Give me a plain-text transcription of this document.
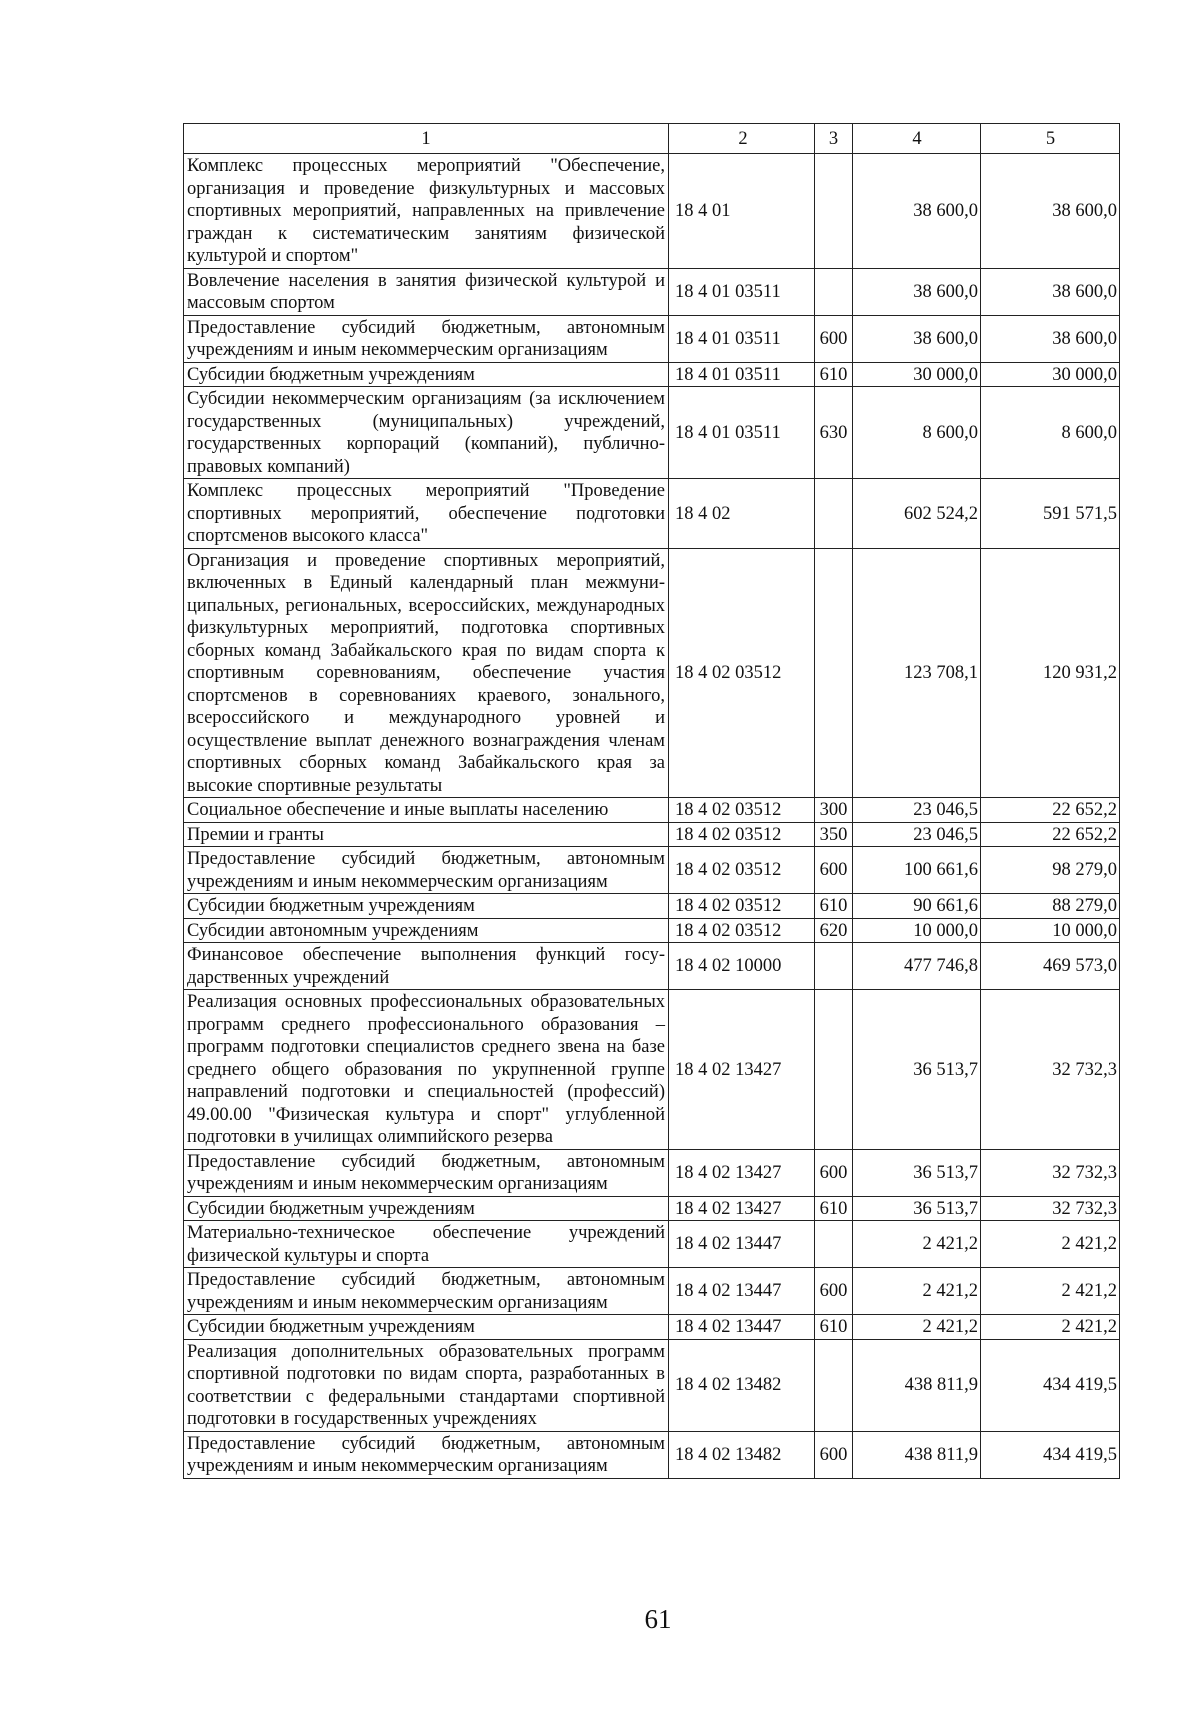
1	2	3	4	5
Комплекс процессных мероприятий "Обеспечение, организация и проведение физкультурных и массовых спортивных мероприятий, направленных на привлечение граждан к систематическим занятиям физической культурой и спортом"	18 4 01		38 600,0	38 600,0
Вовлечение населения в занятия физической культурой и массовым спортом	18 4 01 03511		38 600,0	38 600,0
Предоставление субсидий бюджетным, автономным учреждениям и иным некоммерческим организациям	18 4 01 03511	600	38 600,0	38 600,0
Субсидии бюджетным учреждениям	18 4 01 03511	610	30 000,0	30 000,0
Субсидии некоммерческим организациям (за исключением государственных (муниципальных) учреждений, государственных корпораций (компаний), публично-правовых компаний)	18 4 01 03511	630	8 600,0	8 600,0
Комплекс процессных мероприятий "Проведение спортивных мероприятий, обеспечение подготовки спортсменов высокого класса"	18 4 02		602 524,2	591 571,5
Организация и проведение спортивных мероприятий, включенных в Единый календарный план межмуниципальных, региональных, всероссийских, международных физкультурных мероприятий, подготовка спортивных сборных команд Забайкальского края по видам спорта к спортивным соревнованиям, обеспечение участия спортсменов в соревнованиях краевого, зонального, всероссийского и международного уровней и осуществление выплат денежного вознаграждения членам спортивных сборных команд Забайкальского края за высокие спортивные результаты	18 4 02 03512		123 708,1	120 931,2
Социальное обеспечение и иные выплаты населению	18 4 02 03512	300	23 046,5	22 652,2
Премии и гранты	18 4 02 03512	350	23 046,5	22 652,2
Предоставление субсидий бюджетным, автономным учреждениям и иным некоммерческим организациям	18 4 02 03512	600	100 661,6	98 279,0
Субсидии бюджетным учреждениям	18 4 02 03512	610	90 661,6	88 279,0
Субсидии автономным учреждениям	18 4 02 03512	620	10 000,0	10 000,0
Финансовое обеспечение выполнения функций государственных учреждений	18 4 02 10000		477 746,8	469 573,0
Реализация основных профессиональных образовательных программ среднего профессионального образования – программ подготовки специалистов среднего звена на базе среднего общего образования по укрупненной группе направлений подготовки и специальностей (профессий) 49.00.00 "Физическая культура и спорт" углубленной подготовки в училищах олимпийского резерва	18 4 02 13427		36 513,7	32 732,3
Предоставление субсидий бюджетным, автономным учреждениям и иным некоммерческим организациям	18 4 02 13427	600	36 513,7	32 732,3
Субсидии бюджетным учреждениям	18 4 02 13427	610	36 513,7	32 732,3
Материально-техническое обеспечение учреждений физической культуры и спорта	18 4 02 13447		2 421,2	2 421,2
Предоставление субсидий бюджетным, автономным учреждениям и иным некоммерческим организациям	18 4 02 13447	600	2 421,2	2 421,2
Субсидии бюджетным учреждениям	18 4 02 13447	610	2 421,2	2 421,2
Реализация дополнительных образовательных программ спортивной подготовки по видам спорта, разработанных в соответствии с федеральными стандартами спортивной подготовки в государственных учреждениях	18 4 02 13482		438 811,9	434 419,5
Предоставление субсидий бюджетным, автономным учреждениям и иным некоммерческим организациям	18 4 02 13482	600	438 811,9	434 419,5
61
